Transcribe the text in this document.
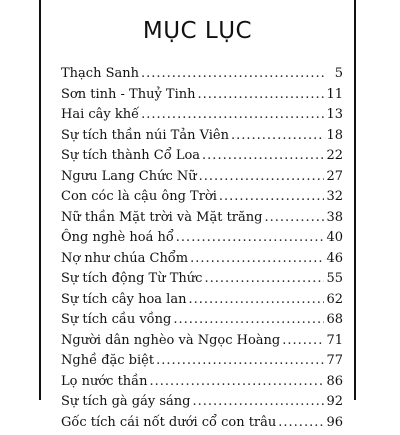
MỤC LỤC
Thạch Sanh .....	5
Sơn tinh - Thuỷ Tinh .....	11
Hai cây khế .....	13
Sự tích thần núi Tản Viên .....	18
Sự tích thành Cổ Loa .....	22
Ngưu Lang Chức Nữ .....	27
Con cóc là cậu ông Trời .....	32
Nữ thần Mặt trời và Mặt trăng .....	38
Ông nghè hoá hổ .....	40
Nợ như chúa Chổm .....	46
Sự tích động Từ Thức .....	55
Sự tích cây hoa lan .....	62
Sự tích cầu vồng .....	68
Người dân nghèo và Ngọc Hoàng .....	71
Nghề đặc biệt .....	77
Lọ nước thần .....	86
Sự tích gà gáy sáng .....	92
Gốc tích cái nốt dưới cổ con trâu .....	96
